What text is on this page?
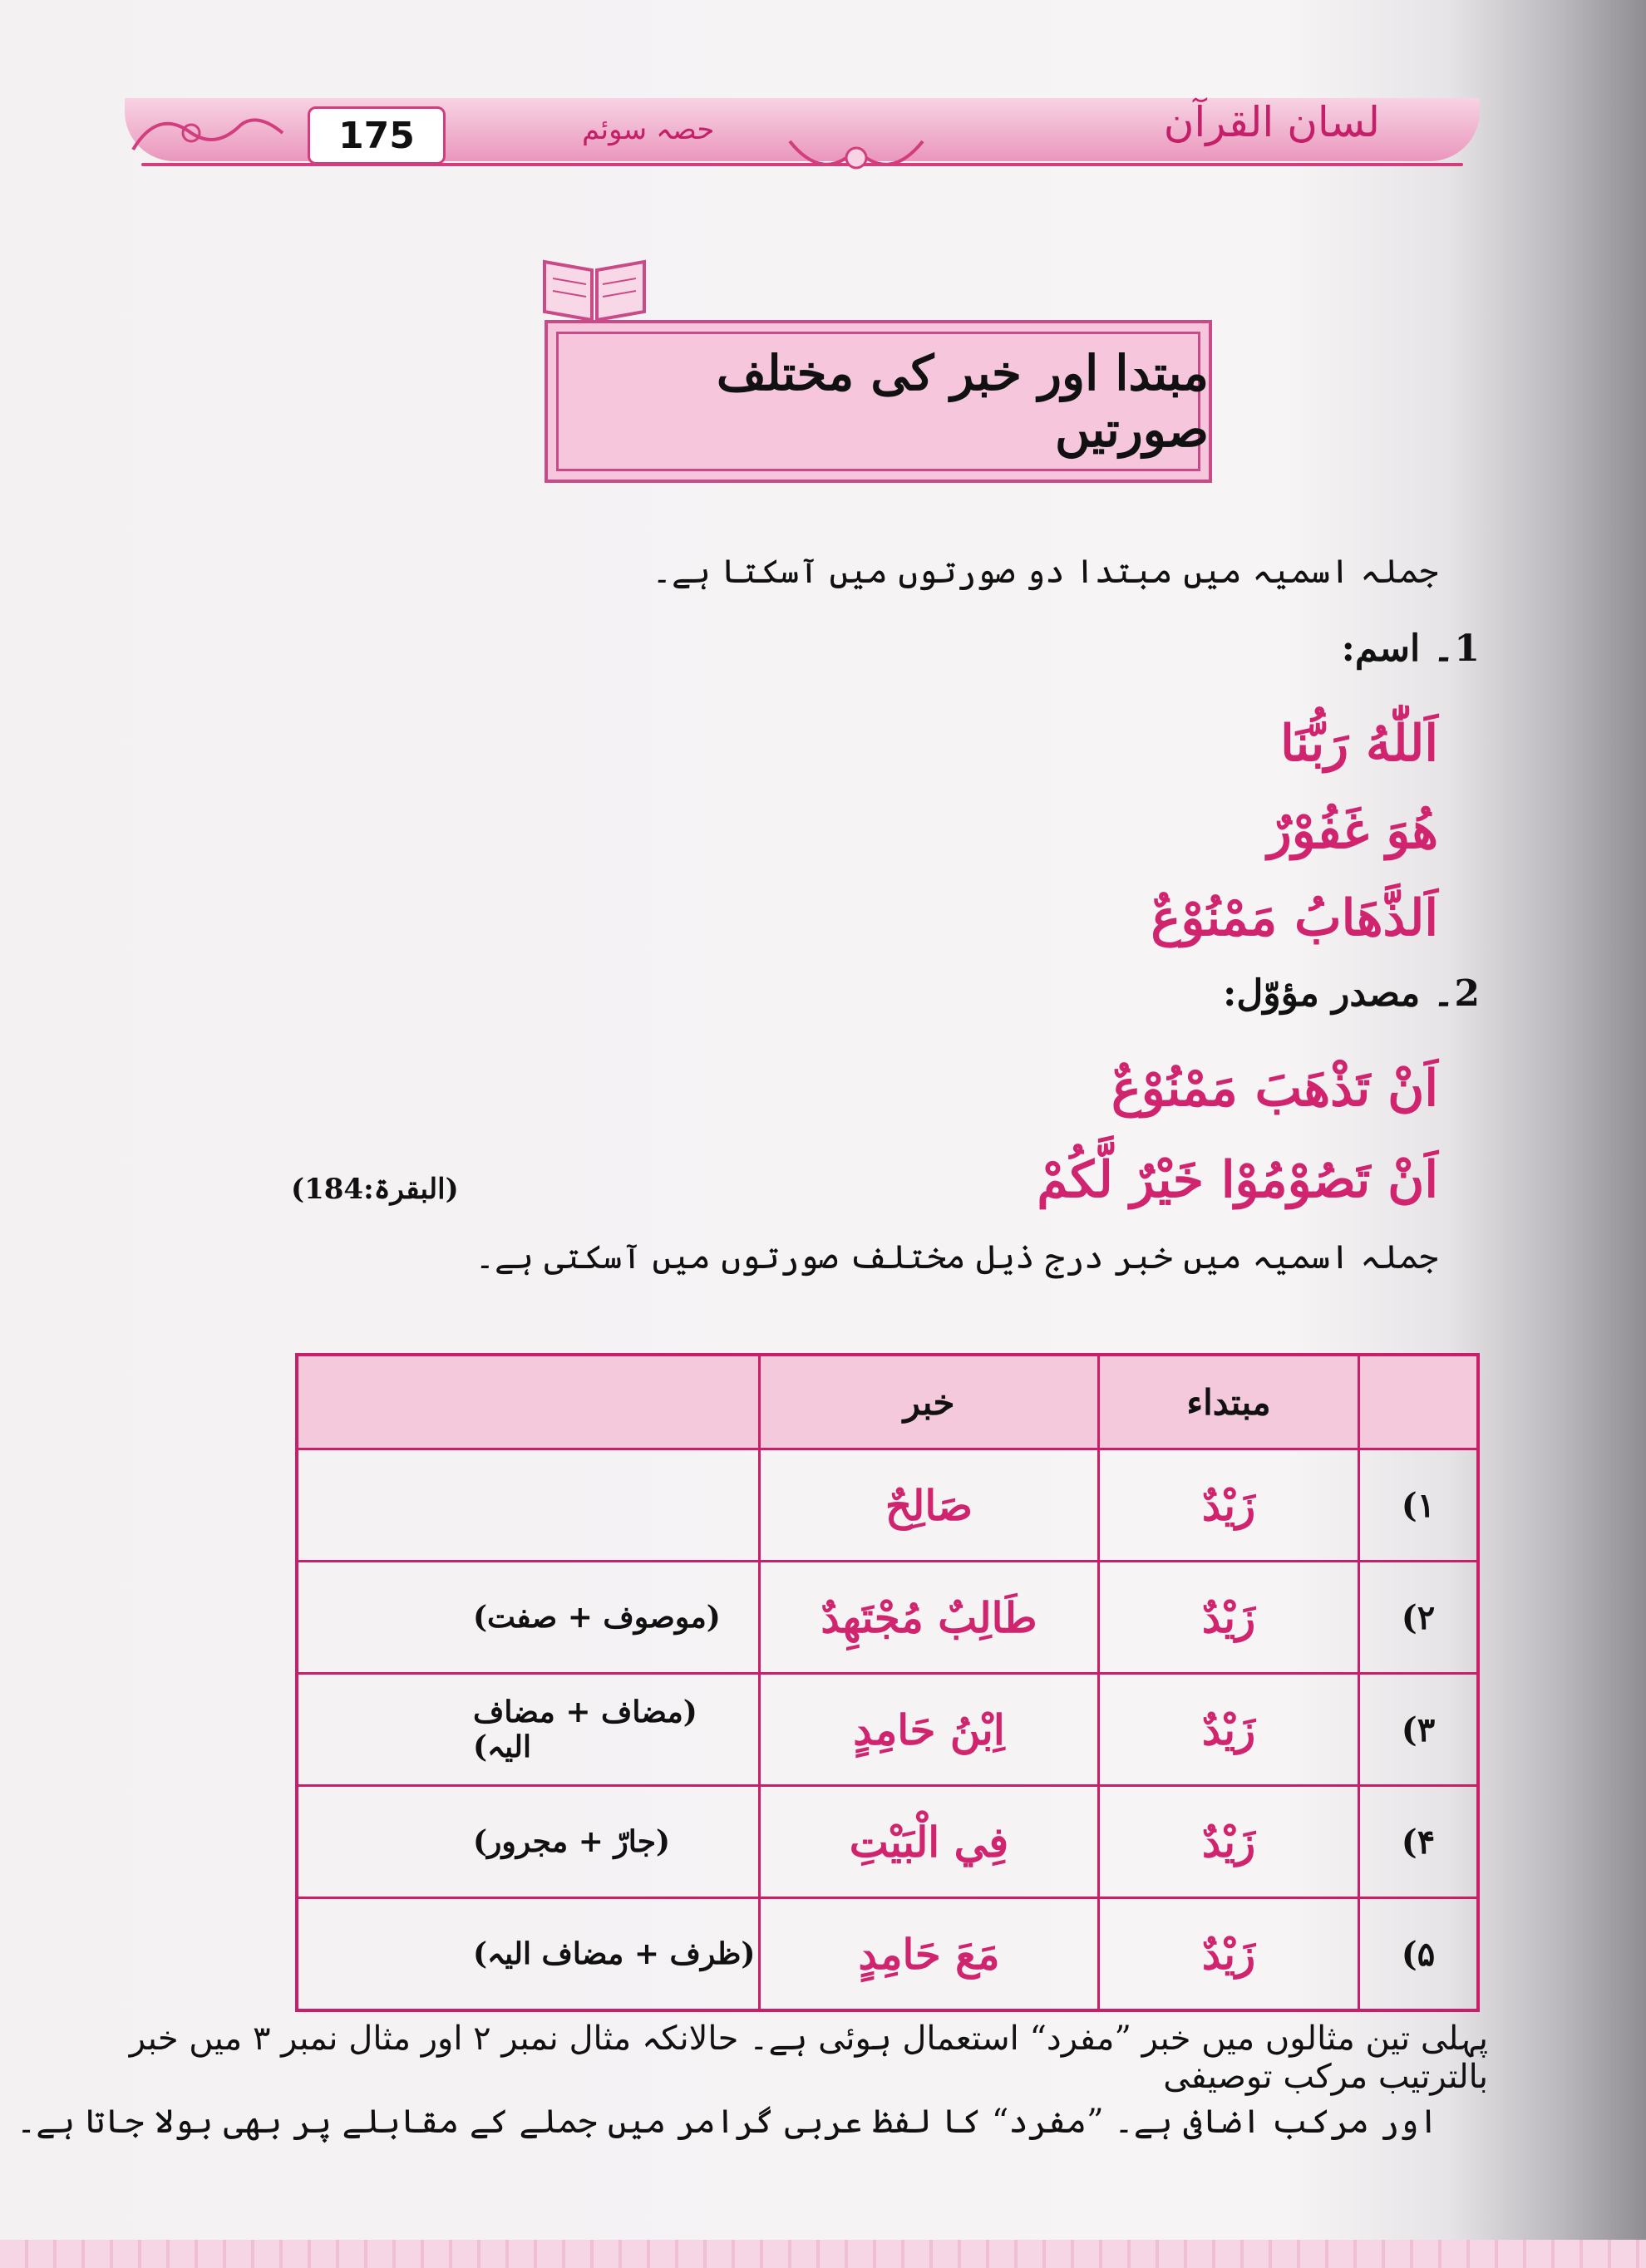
175	حصہ سوئم	لسان القرآن
مبتدا اور خبر کی مختلف صورتیں
جملہ اسمیہ میں مبتدا دو صورتوں میں آسکتا ہے۔
1۔ اسم:
اَللّٰهُ رَبُّنَا
هُوَ غَفُوْرٌ
اَلذَّهَابُ مَمْنُوْعٌ
2۔ مصدر مؤوّل:
اَنْ تَذْهَبَ مَمْنُوْعٌ
اَنْ تَصُوْمُوْا خَيْرٌ لَّكُمْ
(البقرۃ:184)
جملہ اسمیہ میں خبر درج ذیل مختلف صورتوں میں آسکتی ہے۔
	مبتداء	خبر	
۱)	زَيْدٌ	صَالِحٌ	
۲)	زَيْدٌ	طَالِبٌ مُجْتَهِدٌ	(موصوف + صفت)
۳)	زَيْدٌ	اِبْنُ حَامِدٍ	(مضاف + مضاف الیہ)
۴)	زَيْدٌ	فِي الْبَيْتِ	(جارّ + مجرور)
۵)	زَيْدٌ	مَعَ حَامِدٍ	(ظرف + مضاف الیہ)
پہلی تین مثالوں میں خبر ”مفرد“ استعمال ہوئی ہے۔ حالانکہ مثال نمبر ۲ اور مثال نمبر ۳ میں خبر بالترتیب مرکب توصیفی
اور مرکب اضافی ہے۔ ”مفرد“ کا لفظ عربی گرامر میں جملے کے مقابلے پر بھی بولا جاتا ہے۔
